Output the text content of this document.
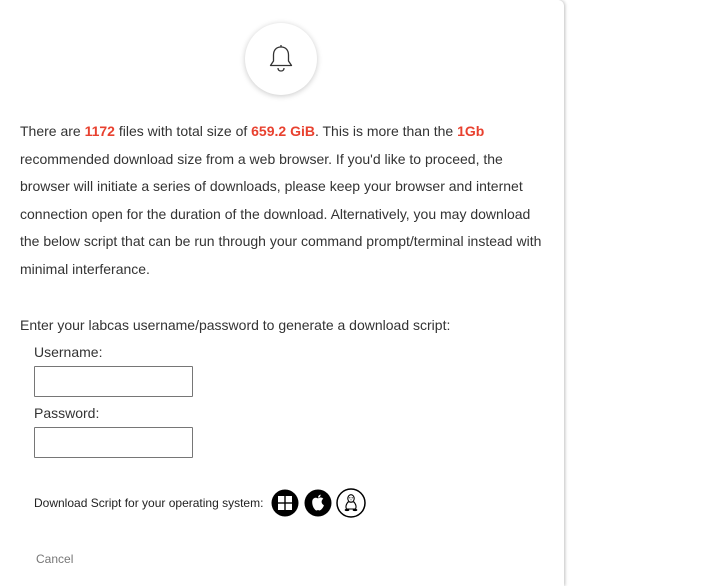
There are 1172 files with total size of 659.2 GiB. This is more than the 1Gb recommended download size from a web browser. If you'd like to proceed, the browser will initiate a series of downloads, please keep your browser and internet connection open for the duration of the download. Alternatively, you may download the below script that can be run through your command prompt/terminal instead with minimal interferance.
Enter your labcas username/password to generate a download script:
Username:
Password:
Download Script for your operating system:
Cancel
